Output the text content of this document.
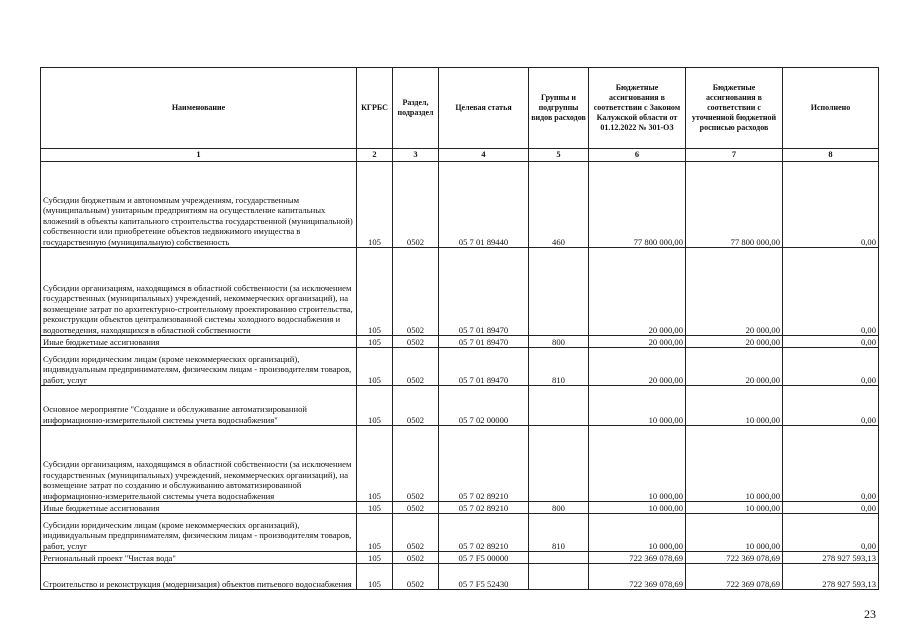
Наименование	КГРБС	Раздел, подраздел	Целевая статья	Группы и подгруппы видов расходов	Бюджетные ассигнования в соответствии с Законом Калужской области от 01.12.2022 № 301-ОЗ	Бюджетные ассигнования в соответствии с уточненной бюджетной росписью расходов	Исполнено
1	2	3	4	5	6	7	8

Субсидии бюджетным и автономным учреждениям, государственным (муниципальным) унитарным предприятиям на осуществление капитальных вложений в объекты капитального строительства государственной (муниципальной) собственности или приобретение объектов недвижимого имущества в государственную (муниципальную) собственность	105	0502	05 7 01 89440	460	77 800 000,00	77 800 000,00	0,00
Субсидии организациям, находящимся в областной собственности (за исключением государственных (муниципальных) учреждений, некоммерческих организаций), на возмещение затрат по архитектурно-строительному проектированию строительства, реконструкции объектов централизованной системы холодного водоснабжения и водоотведения, находящихся в областной собственности	105	0502	05 7 01 89470		20 000,00	20 000,00	0,00
Иные бюджетные ассигнования	105	0502	05 7 01 89470	800	20 000,00	20 000,00	0,00
Субсидии юридическим лицам (кроме некоммерческих организаций), индивидуальным предпринимателям, физическим лицам - производителям товаров, работ, услуг	105	0502	05 7 01 89470	810	20 000,00	20 000,00	0,00
Основное мероприятие "Создание и обслуживание автоматизированной информационно-измерительной системы учета водоснабжения"	105	0502	05 7 02 00000		10 000,00	10 000,00	0,00

Субсидии организациям, находящимся в областной собственности (за исключением государственных (муниципальных) учреждений, некоммерческих организаций), на возмещение затрат по созданию и обслуживанию автоматизированной информационно-измерительной системы учета водоснабжения	105	0502	05 7 02 89210		10 000,00	10 000,00	0,00
Иные бюджетные ассигнования	105	0502	05 7 02 89210	800	10 000,00	10 000,00	0,00
Субсидии юридическим лицам (кроме некоммерческих организаций), индивидуальным предпринимателям, физическим лицам - производителям товаров, работ, услуг	105	0502	05 7 02 89210	810	10 000,00	10 000,00	0,00
Региональный проект "Чистая вода"	105	0502	05 7 F5 00000		722 369 078,69	722 369 078,69	278 927 593,13
Строительство и реконструкция (модернизация) объектов питьевого водоснабжения	105	0502	05 7 F5 52430		722 369 078,69	722 369 078,69	278 927 593,13
23
